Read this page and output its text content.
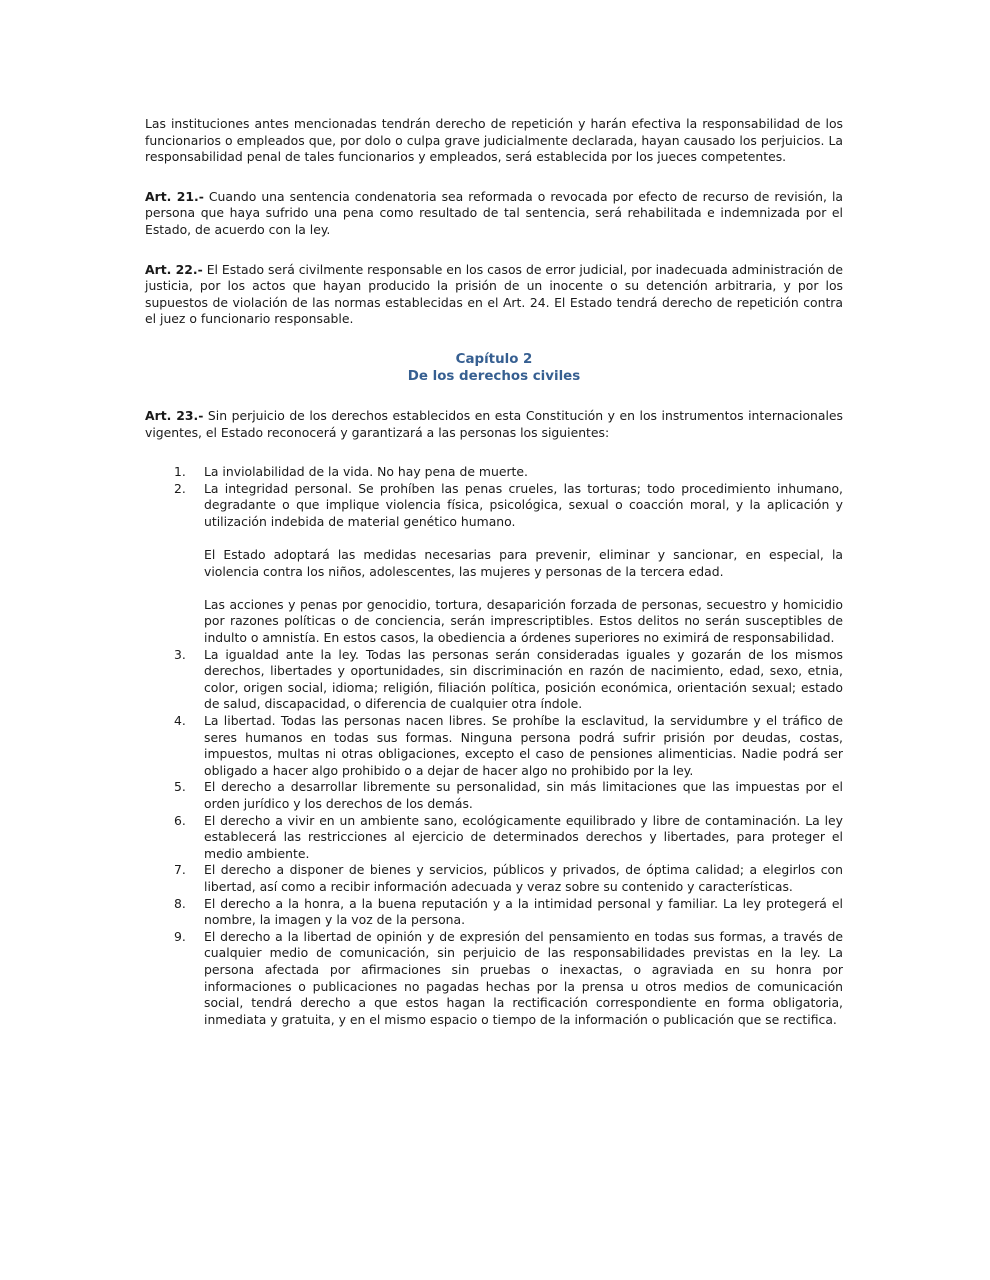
Las instituciones antes mencionadas tendrán derecho de repetición y harán efectiva la responsabilidad de los funcionarios o empleados que, por dolo o culpa grave judicialmente declarada, hayan causado los perjuicios. La responsabilidad penal de tales funcionarios y empleados, será establecida por los jueces competentes.

Art. 21.- Cuando una sentencia condenatoria sea reformada o revocada por efecto de recurso de revisión, la persona que haya sufrido una pena como resultado de tal sentencia, será rehabilitada e indemnizada por el Estado, de acuerdo con la ley.

Art. 22.- El Estado será civilmente responsable en los casos de error judicial, por inadecuada administración de justicia, por los actos que hayan producido la prisión de un inocente o su detención arbitraria, y por los supuestos de violación de las normas establecidas en el Art. 24. El Estado tendrá derecho de repetición contra el juez o funcionario responsable.

Capítulo 2
De los derechos civiles

Art. 23.- Sin perjuicio de los derechos establecidos en esta Constitución y en los instrumentos internacionales vigentes, el Estado reconocerá y garantizará a las personas los siguientes:

1. La inviolabilidad de la vida. No hay pena de muerte.

2. La integridad personal. Se prohíben las penas crueles, las torturas; todo procedimiento inhumano, degradante o que implique violencia física, psicológica, sexual o coacción moral, y la aplicación y utilización indebida de material genético humano.

El Estado adoptará las medidas necesarias para prevenir, eliminar y sancionar, en especial, la violencia contra los niños, adolescentes, las mujeres y personas de la tercera edad.

Las acciones y penas por genocidio, tortura, desaparición forzada de personas, secuestro y homicidio por razones políticas o de conciencia, serán imprescriptibles. Estos delitos no serán susceptibles de indulto o amnistía. En estos casos, la obediencia a órdenes superiores no eximirá de responsabilidad.

3. La igualdad ante la ley. Todas las personas serán consideradas iguales y gozarán de los mismos derechos, libertades y oportunidades, sin discriminación en razón de nacimiento, edad, sexo, etnia, color, origen social, idioma; religión, filiación política, posición económica, orientación sexual; estado de salud, discapacidad, o diferencia de cualquier otra índole.

4. La libertad. Todas las personas nacen libres. Se prohíbe la esclavitud, la servidumbre y el tráfico de seres humanos en todas sus formas. Ninguna persona podrá sufrir prisión por deudas, costas, impuestos, multas ni otras obligaciones, excepto el caso de pensiones alimenticias. Nadie podrá ser obligado a hacer algo prohibido o a dejar de hacer algo no prohibido por la ley.

5. El derecho a desarrollar libremente su personalidad, sin más limitaciones que las impuestas por el orden jurídico y los derechos de los demás.

6. El derecho a vivir en un ambiente sano, ecológicamente equilibrado y libre de contaminación. La ley establecerá las restricciones al ejercicio de determinados derechos y libertades, para proteger el medio ambiente.

7. El derecho a disponer de bienes y servicios, públicos y privados, de óptima calidad; a elegirlos con libertad, así como a recibir información adecuada y veraz sobre su contenido y características.

8. El derecho a la honra, a la buena reputación y a la intimidad personal y familiar. La ley protegerá el nombre, la imagen y la voz de la persona.

9. El derecho a la libertad de opinión y de expresión del pensamiento en todas sus formas, a través de cualquier medio de comunicación, sin perjuicio de las responsabilidades previstas en la ley. La persona afectada por afirmaciones sin pruebas o inexactas, o agraviada en su honra por informaciones o publicaciones no pagadas hechas por la prensa u otros medios de comunicación social, tendrá derecho a que estos hagan la rectificación correspondiente en forma obligatoria, inmediata y gratuita, y en el mismo espacio o tiempo de la información o publicación que se rectifica.
